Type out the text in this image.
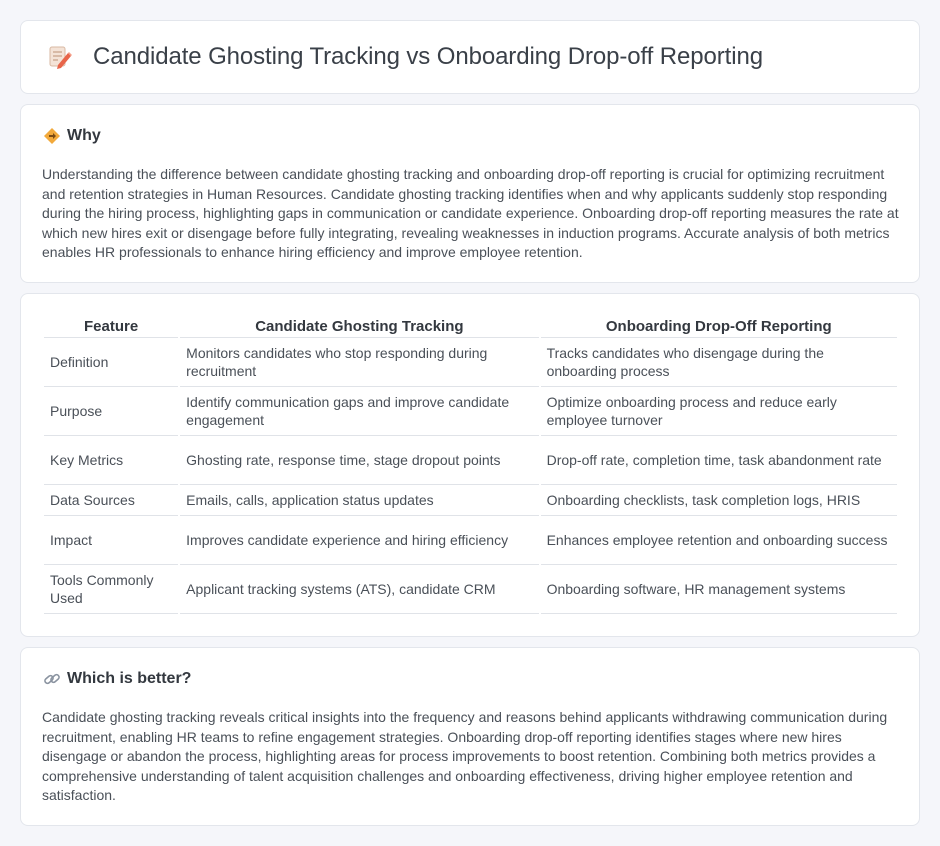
Candidate Ghosting Tracking vs Onboarding Drop-off Reporting
Why

Understanding the difference between candidate ghosting tracking and onboarding drop-off reporting is crucial for optimizing recruitment and retention strategies in Human Resources. Candidate ghosting tracking identifies when and why applicants suddenly stop responding during the hiring process, highlighting gaps in communication or candidate experience. Onboarding drop-off reporting measures the rate at which new hires exit or disengage before fully integrating, revealing weaknesses in induction programs. Accurate analysis of both metrics enables HR professionals to enhance hiring efficiency and improve employee retention.

Feature	Candidate Ghosting Tracking	Onboarding Drop-Off Reporting
Definition	Monitors candidates who stop responding during recruitment	Tracks candidates who disengage during the onboarding process
Purpose	Identify communication gaps and improve candidate engagement	Optimize onboarding process and reduce early employee turnover
Key Metrics	Ghosting rate, response time, stage dropout points	Drop-off rate, completion time, task abandonment rate
Data Sources	Emails, calls, application status updates	Onboarding checklists, task completion logs, HRIS
Impact	Improves candidate experience and hiring efficiency	Enhances employee retention and onboarding success
Tools Commonly Used	Applicant tracking systems (ATS), candidate CRM	Onboarding software, HR management systems
Which is better?

Candidate ghosting tracking reveals critical insights into the frequency and reasons behind applicants withdrawing communication during recruitment, enabling HR teams to refine engagement strategies. Onboarding drop-off reporting identifies stages where new hires disengage or abandon the process, highlighting areas for process improvements to boost retention. Combining both metrics provides a comprehensive understanding of talent acquisition challenges and onboarding effectiveness, driving higher employee retention and satisfaction.
